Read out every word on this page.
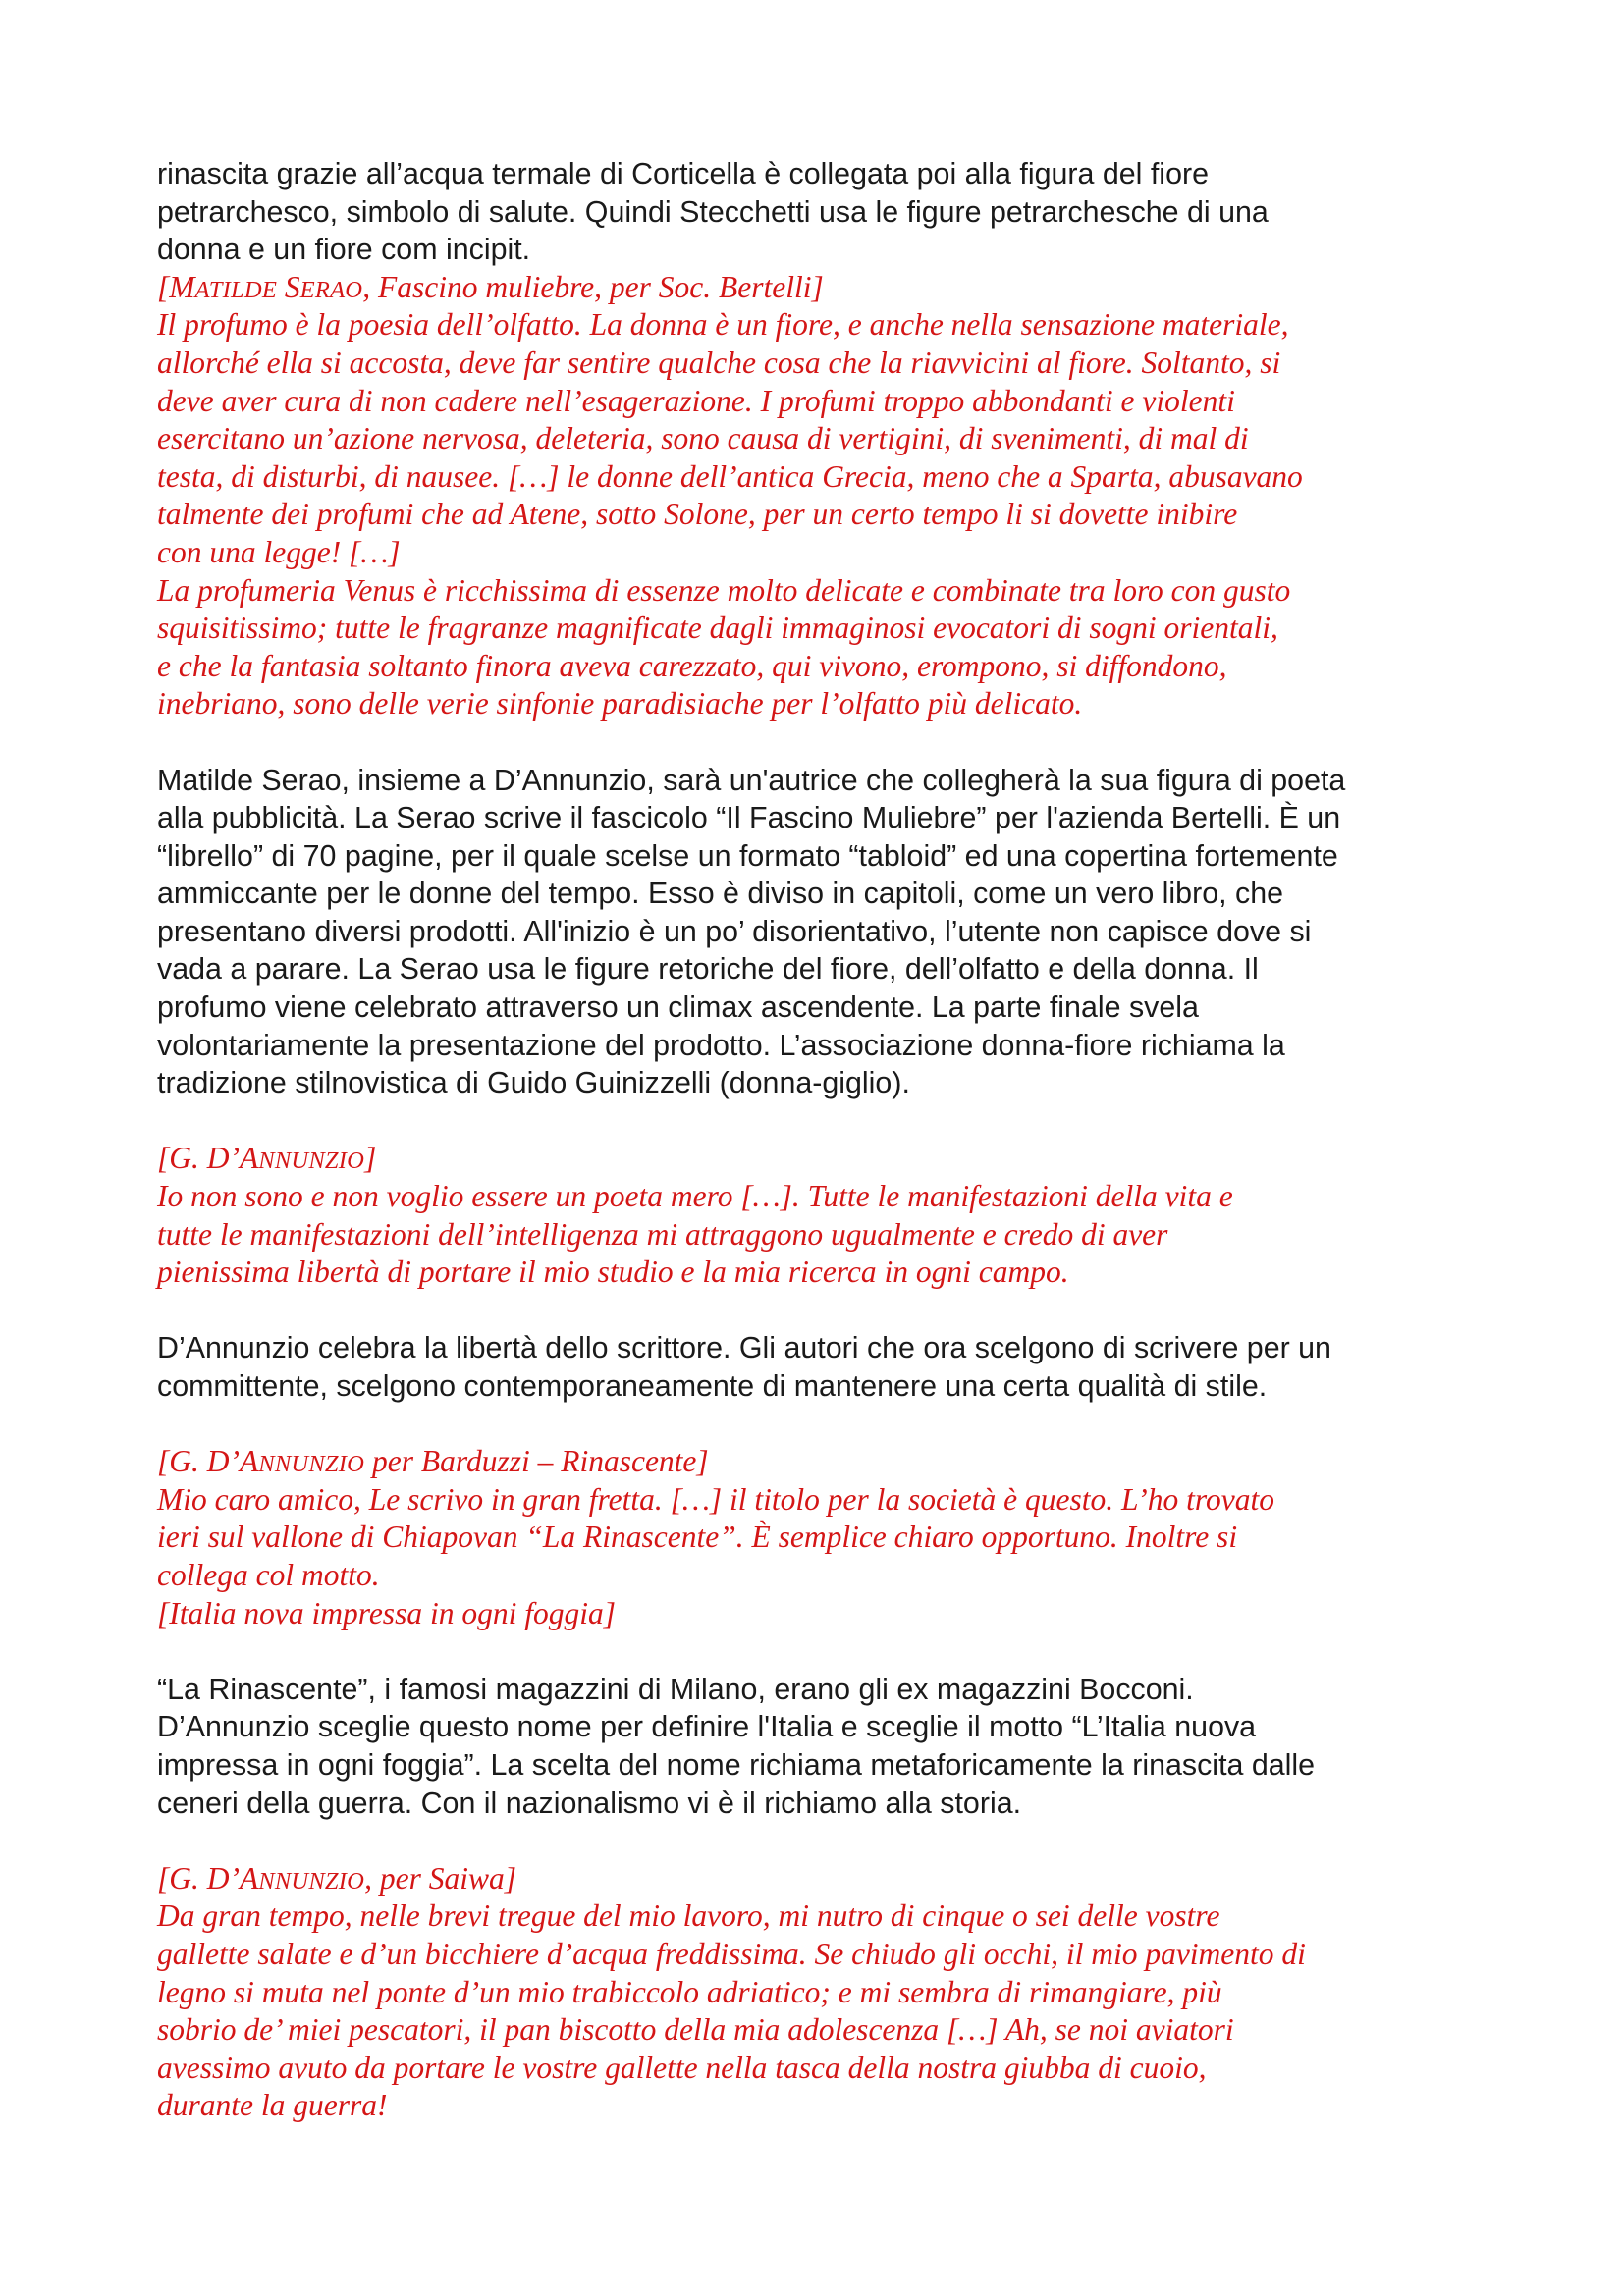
rinascita grazie all’acqua termale di Corticella è collegata poi alla figura del fiore
petrarchesco, simbolo di salute. Quindi Stecchetti usa le figure petrarchesche di una
donna e un fiore com incipit.
[MATILDE SERAO, Fascino muliebre, per Soc. Bertelli]
Il profumo è la poesia dell’olfatto. La donna è un fiore, e anche nella sensazione materiale,
allorché ella si accosta, deve far sentire qualche cosa che la riavvicini al fiore. Soltanto, si
deve aver cura di non cadere nell’esagerazione. I profumi troppo abbondanti e violenti
esercitano un’azione nervosa, deleteria, sono causa di vertigini, di svenimenti, di mal di
testa, di disturbi, di nausee. […] le donne dell’antica Grecia, meno che a Sparta, abusavano
talmente dei profumi che ad Atene, sotto Solone, per un certo tempo li si dovette inibire
con una legge! […]
La profumeria Venus è ricchissima di essenze molto delicate e combinate tra loro con gusto
squisitissimo; tutte le fragranze magnificate dagli immaginosi evocatori di sogni orientali,
e che la fantasia soltanto finora aveva carezzato, qui vivono, erompono, si diffondono,
inebriano, sono delle verie sinfonie paradisiache per l’olfatto più delicato.
Matilde Serao, insieme a D’Annunzio, sarà un'autrice che collegherà la sua figura di poeta
alla pubblicità. La Serao scrive il fascicolo “Il Fascino Muliebre” per l'azienda Bertelli. È un
“librello” di 70 pagine, per il quale scelse un formato “tabloid” ed una copertina fortemente
ammiccante per le donne del tempo. Esso è diviso in capitoli, come un vero libro, che
presentano diversi prodotti. All'inizio è un po’ disorientativo, l’utente non capisce dove si
vada a parare. La Serao usa le figure retoriche del fiore, dell’olfatto e della donna. Il
profumo viene celebrato attraverso un climax ascendente. La parte finale svela
volontariamente la presentazione del prodotto. L’associazione donna-fiore richiama la
tradizione stilnovistica di Guido Guinizzelli (donna-giglio).
[G. D’ANNUNZIO]
Io non sono e non voglio essere un poeta mero […]. Tutte le manifestazioni della vita e
tutte le manifestazioni dell’intelligenza mi attraggono ugualmente e credo di aver
pienissima libertà di portare il mio studio e la mia ricerca in ogni campo.
D’Annunzio celebra la libertà dello scrittore. Gli autori che ora scelgono di scrivere per un
committente, scelgono contemporaneamente di mantenere una certa qualità di stile.
[G. D’ANNUNZIO per Barduzzi – Rinascente]
Mio caro amico, Le scrivo in gran fretta. […] il titolo per la società è questo. L’ho trovato
ieri sul vallone di Chiapovan “La Rinascente”. È semplice chiaro opportuno. Inoltre si
collega col motto.
[Italia nova impressa in ogni foggia]
“La Rinascente”, i famosi magazzini di Milano, erano gli ex magazzini Bocconi.
D’Annunzio sceglie questo nome per definire l'Italia e sceglie il motto “L’Italia nuova
impressa in ogni foggia”. La scelta del nome richiama metaforicamente la rinascita dalle
ceneri della guerra. Con il nazionalismo vi è il richiamo alla storia.
[G. D’ANNUNZIO, per Saiwa]
Da gran tempo, nelle brevi tregue del mio lavoro, mi nutro di cinque o sei delle vostre
gallette salate e d’un bicchiere d’acqua freddissima. Se chiudo gli occhi, il mio pavimento di
legno si muta nel ponte d’un mio trabiccolo adriatico; e mi sembra di rimangiare, più
sobrio de’ miei pescatori, il pan biscotto della mia adolescenza […] Ah, se noi aviatori
avessimo avuto da portare le vostre gallette nella tasca della nostra giubba di cuoio,
durante la guerra!
